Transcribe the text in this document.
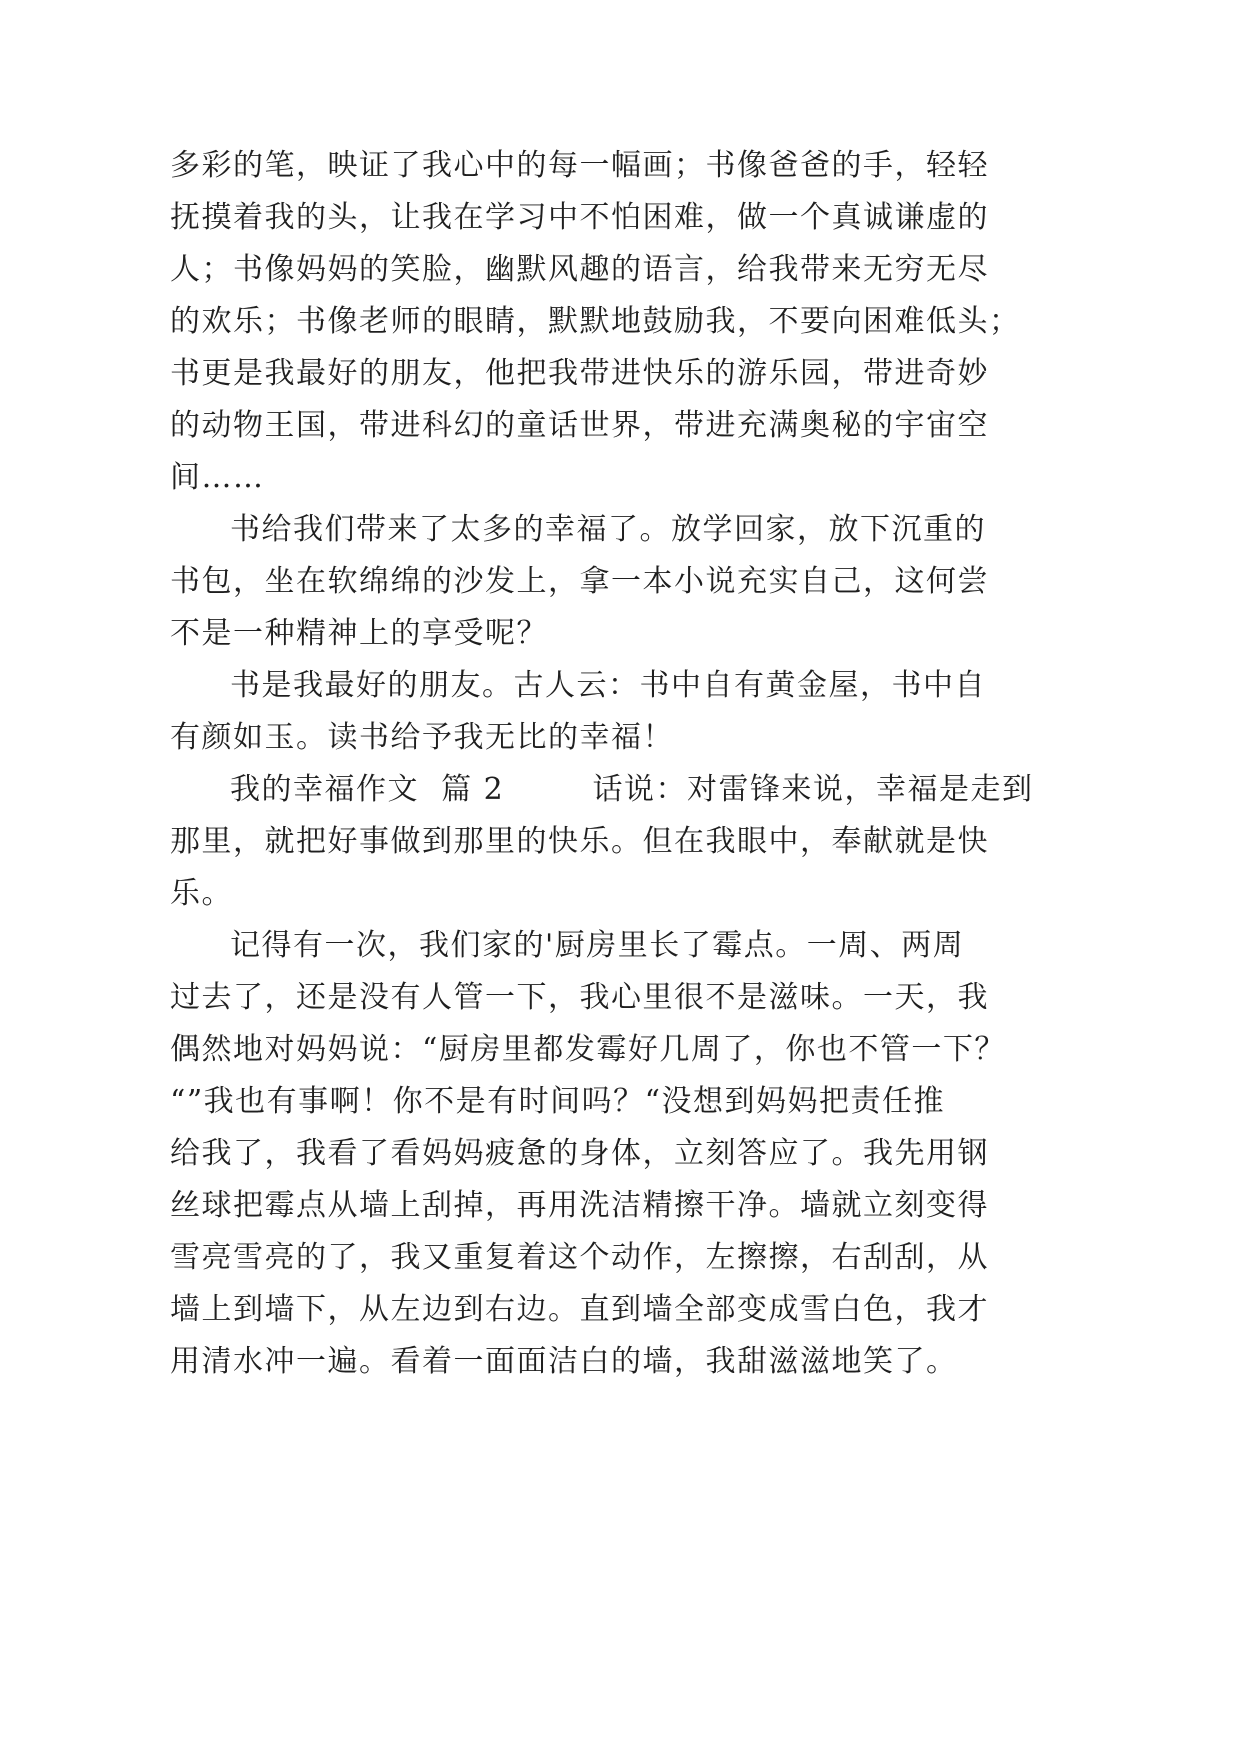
多彩的笔，映证了我心中的每一幅画；书像爸爸的手，轻轻
抚摸着我的头，让我在学习中不怕困难，做一个真诚谦虚的
人；书像妈妈的笑脸，幽默风趣的语言，给我带来无穷无尽
的欢乐；书像老师的眼睛，默默地鼓励我，不要向困难低头；
书更是我最好的朋友，他把我带进快乐的游乐园，带进奇妙
的动物王国，带进科幻的童话世界，带进充满奥秘的宇宙空
间……
书给我们带来了太多的幸福了。放学回家，放下沉重的
书包，坐在软绵绵的沙发上，拿一本小说充实自己，这何尝
不是一种精神上的享受呢？
书是我最好的朋友。古人云：书中自有黄金屋，书中自
有颜如玉。读书给予我无比的幸福！
我的幸福作文  篇 2        话说：对雷锋来说，幸福是走到
那里，就把好事做到那里的快乐。但在我眼中，奉献就是快
乐。
记得有一次，我们家的'厨房里长了霉点。一周、两周
过去了，还是没有人管一下，我心里很不是滋味。一天，我
偶然地对妈妈说：“厨房里都发霉好几周了，你也不管一下？
“”我也有事啊！你不是有时间吗？“没想到妈妈把责任推
给我了，我看了看妈妈疲惫的身体，立刻答应了。我先用钢
丝球把霉点从墙上刮掉，再用洗洁精擦干净。墙就立刻变得
雪亮雪亮的了，我又重复着这个动作，左擦擦，右刮刮，从
墙上到墙下，从左边到右边。直到墙全部变成雪白色，我才
用清水冲一遍。看着一面面洁白的墙，我甜滋滋地笑了。
